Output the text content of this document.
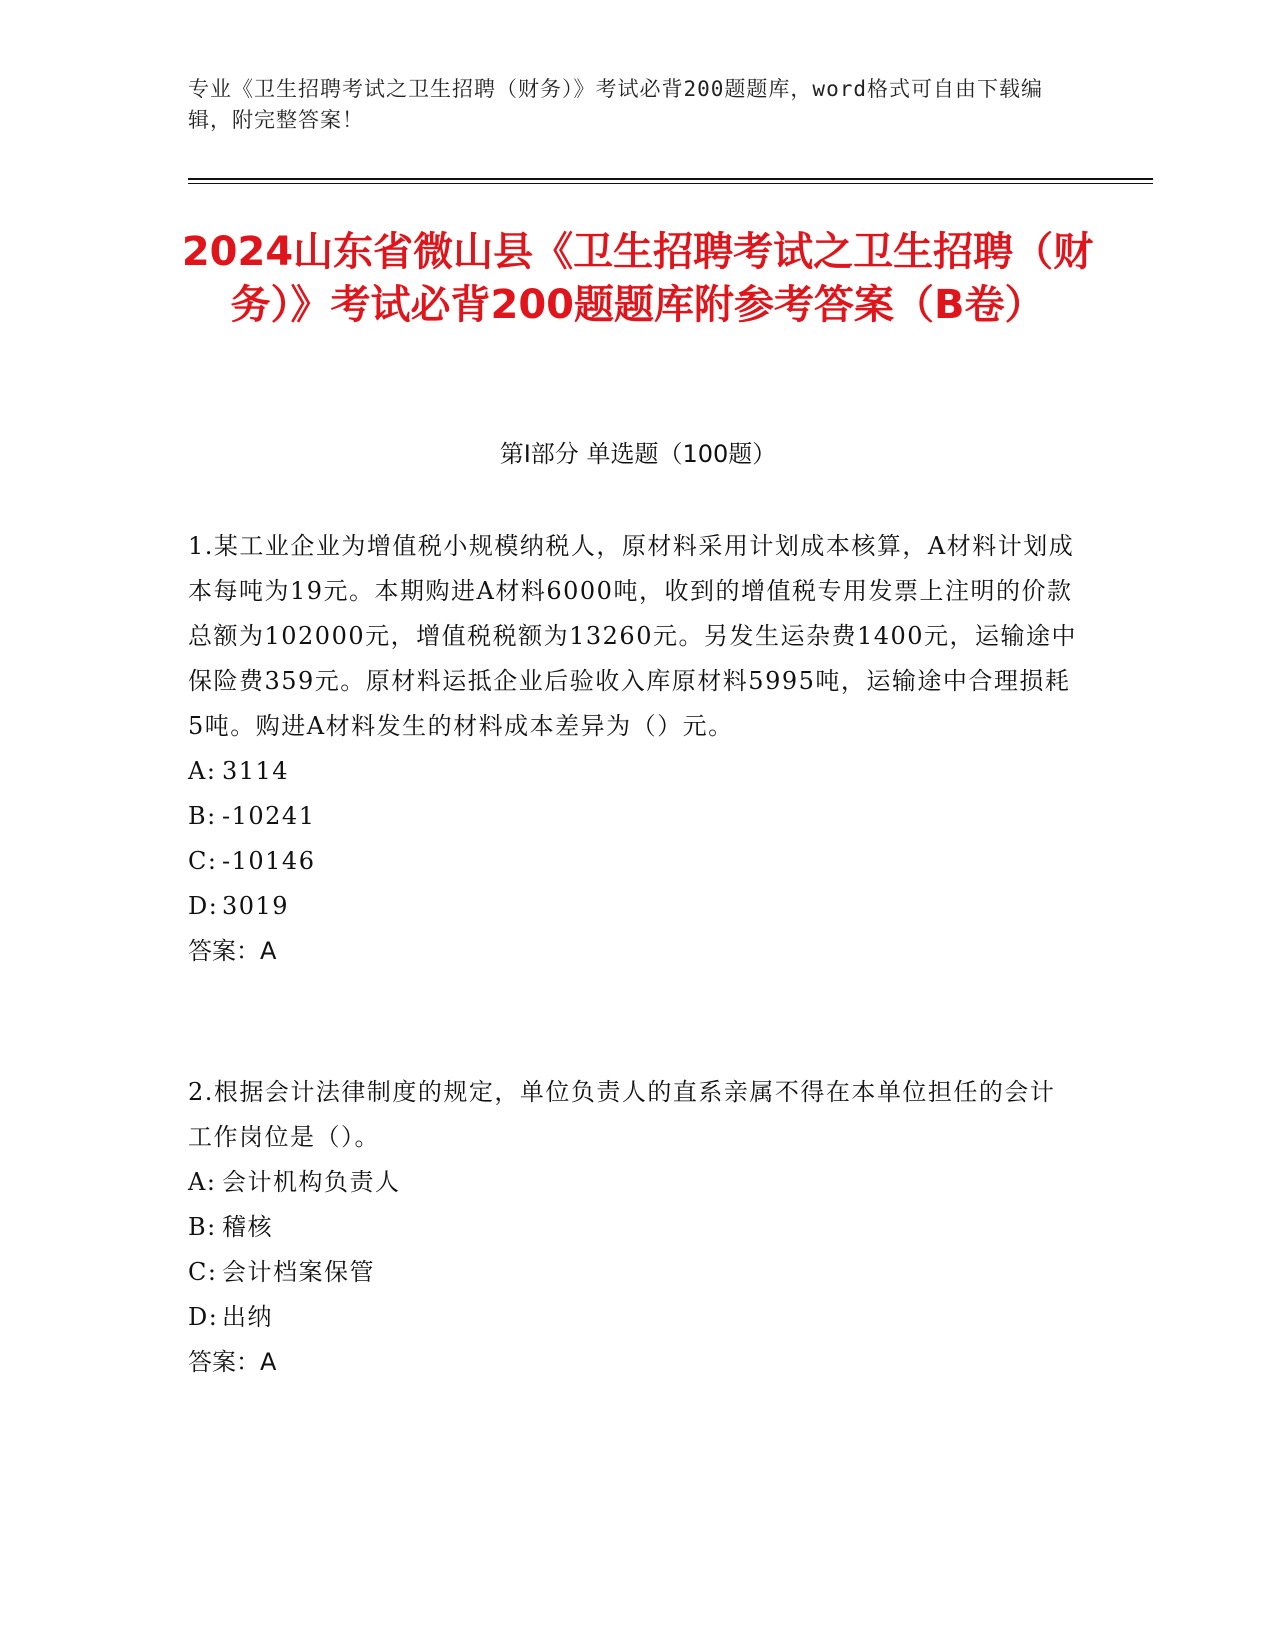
专业《卫生招聘考试之卫生招聘（财务）》考试必背200题题库，word格式可自由下载编辑，附完整答案！
2024山东省微山县《卫生招聘考试之卫生招聘（财务）》考试必背200题题库附参考答案（B卷）
第I部分 单选题（100题）

1.某工业企业为增值税小规模纳税人，原材料采用计划成本核算，A材料计划成本每吨为19元。本期购进A材料6000吨，收到的增值税专用发票上注明的价款总额为102000元，增值税税额为13260元。另发生运杂费1400元，运输途中保险费359元。原材料运抵企业后验收入库原材料5995吨，运输途中合理损耗5吨。购进A材料发生的材料成本差异为（）元。

A: 3114

B: -10241

C: -10146

D: 3019

答案：A

2.根据会计法律制度的规定，单位负责人的直系亲属不得在本单位担任的会计工作岗位是（）。

A: 会计机构负责人

B: 稽核

C: 会计档案保管

D: 出纳

答案：A
